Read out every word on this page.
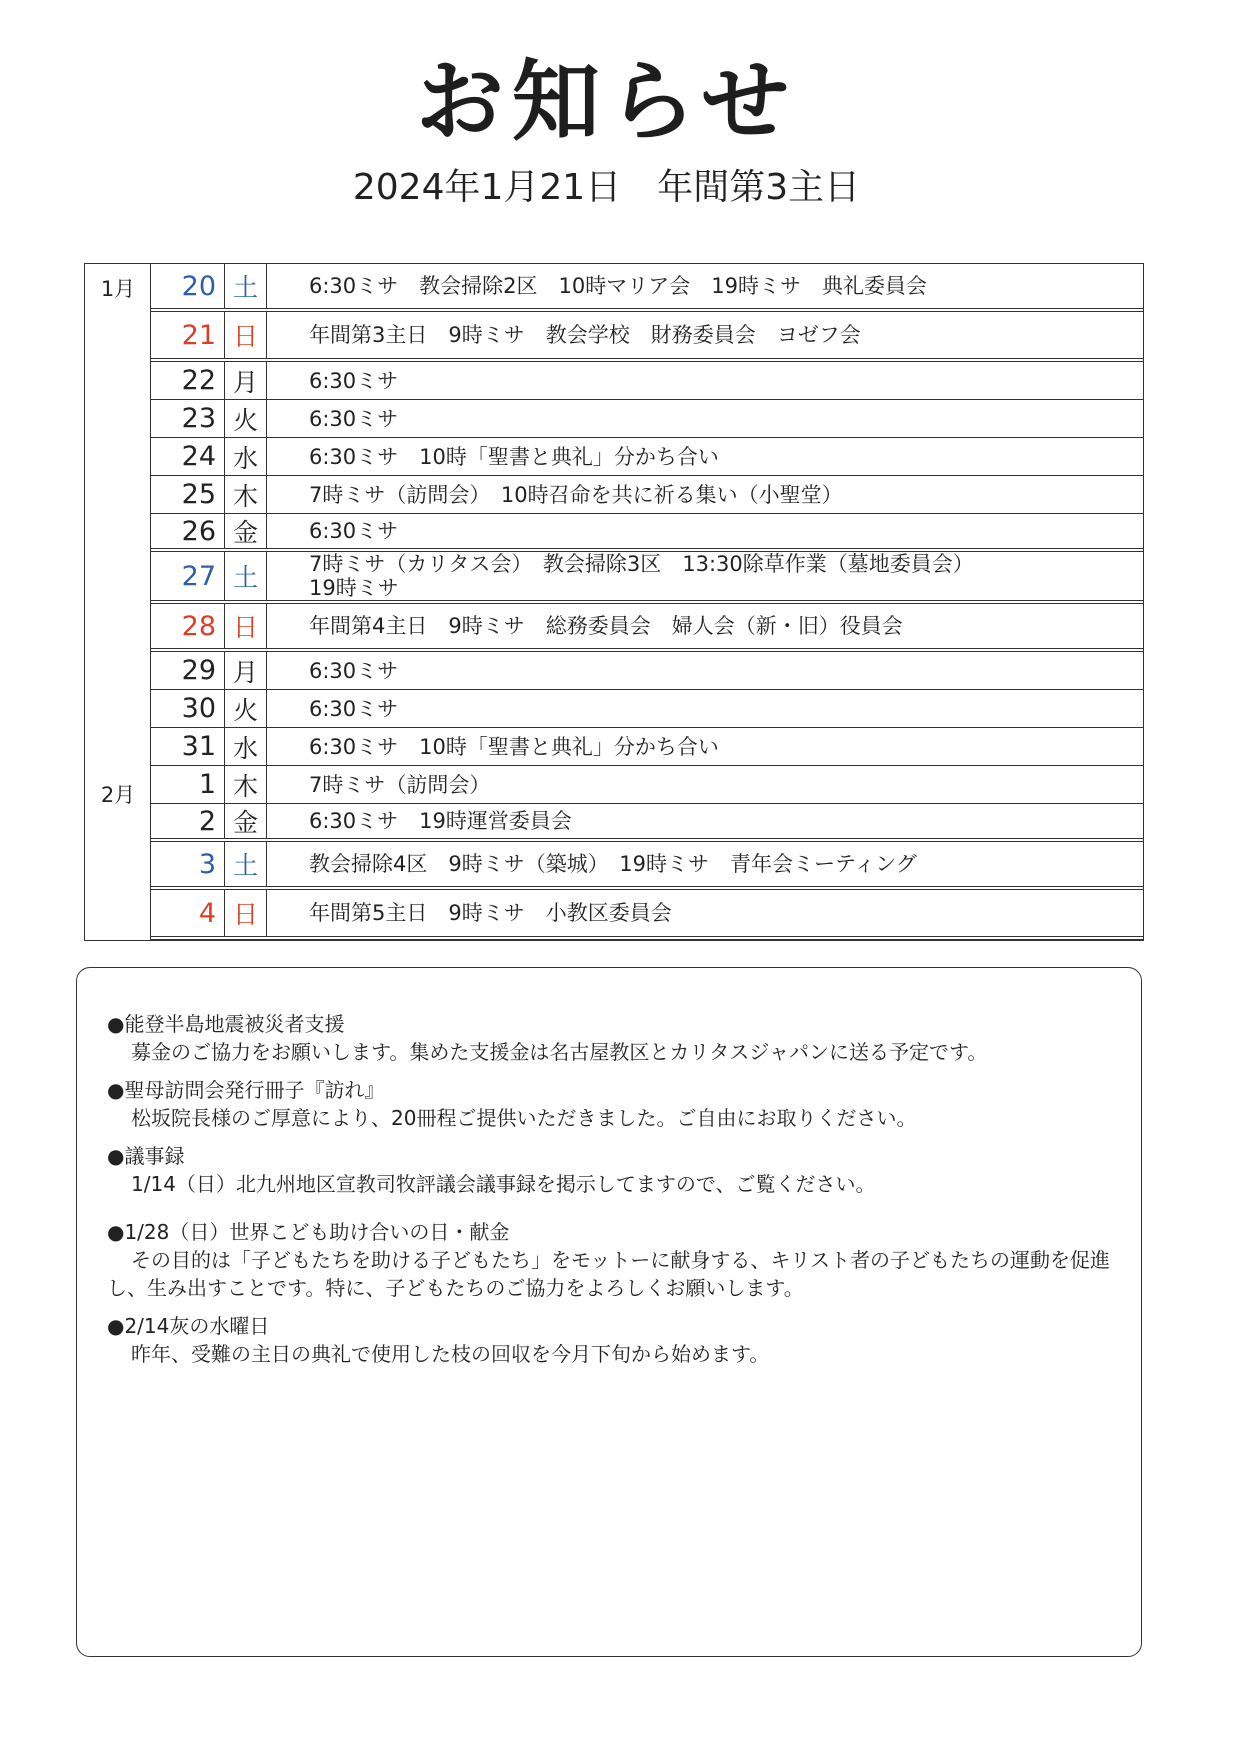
お知らせ
2024年1月21日　年間第3主日
1月
2月
20 土	6:30ミサ　教会掃除2区　10時マリア会　19時ミサ　典礼委員会
21 日	年間第3主日　9時ミサ　教会学校　財務委員会　ヨゼフ会
22 月	6:30ミサ
23 火	6:30ミサ
24 水	6:30ミサ　10時「聖書と典礼」分かち合い
25 木	7時ミサ（訪問会）　10時召命を共に祈る集い（小聖堂）
26 金	6:30ミサ
27 土	7時ミサ（カリタス会）　教会掃除3区　13:30除草作業（墓地委員会）
19時ミサ
28 日	年間第4主日　9時ミサ　総務委員会　婦人会（新・旧）役員会
29 月	6:30ミサ
30 火	6:30ミサ
31 水	6:30ミサ　10時「聖書と典礼」分かち合い
1 木	7時ミサ（訪問会）
2 金	6:30ミサ　19時運営委員会
3 土	教会掃除4区　9時ミサ（築城）　19時ミサ　青年会ミーティング
4 日	年間第5主日　9時ミサ　小教区委員会
●能登半島地震被災者支援
募金のご協力をお願いします。集めた支援金は名古屋教区とカリタスジャパンに送る予定です。
●聖母訪問会発行冊子『訪れ』
松坂院長様のご厚意により、20冊程ご提供いただきました。ご自由にお取りください。
●議事録
1/14（日）北九州地区宣教司牧評議会議事録を掲示してますので、ご覧ください。
●1/28（日）世界こども助け合いの日・献金
その目的は「子どもたちを助ける子どもたち」をモットーに献身する、キリスト者の子どもたちの運動を促進し、生み出すことです。特に、子どもたちのご協力をよろしくお願いします。
●2/14灰の水曜日
昨年、受難の主日の典礼で使用した枝の回収を今月下旬から始めます。
